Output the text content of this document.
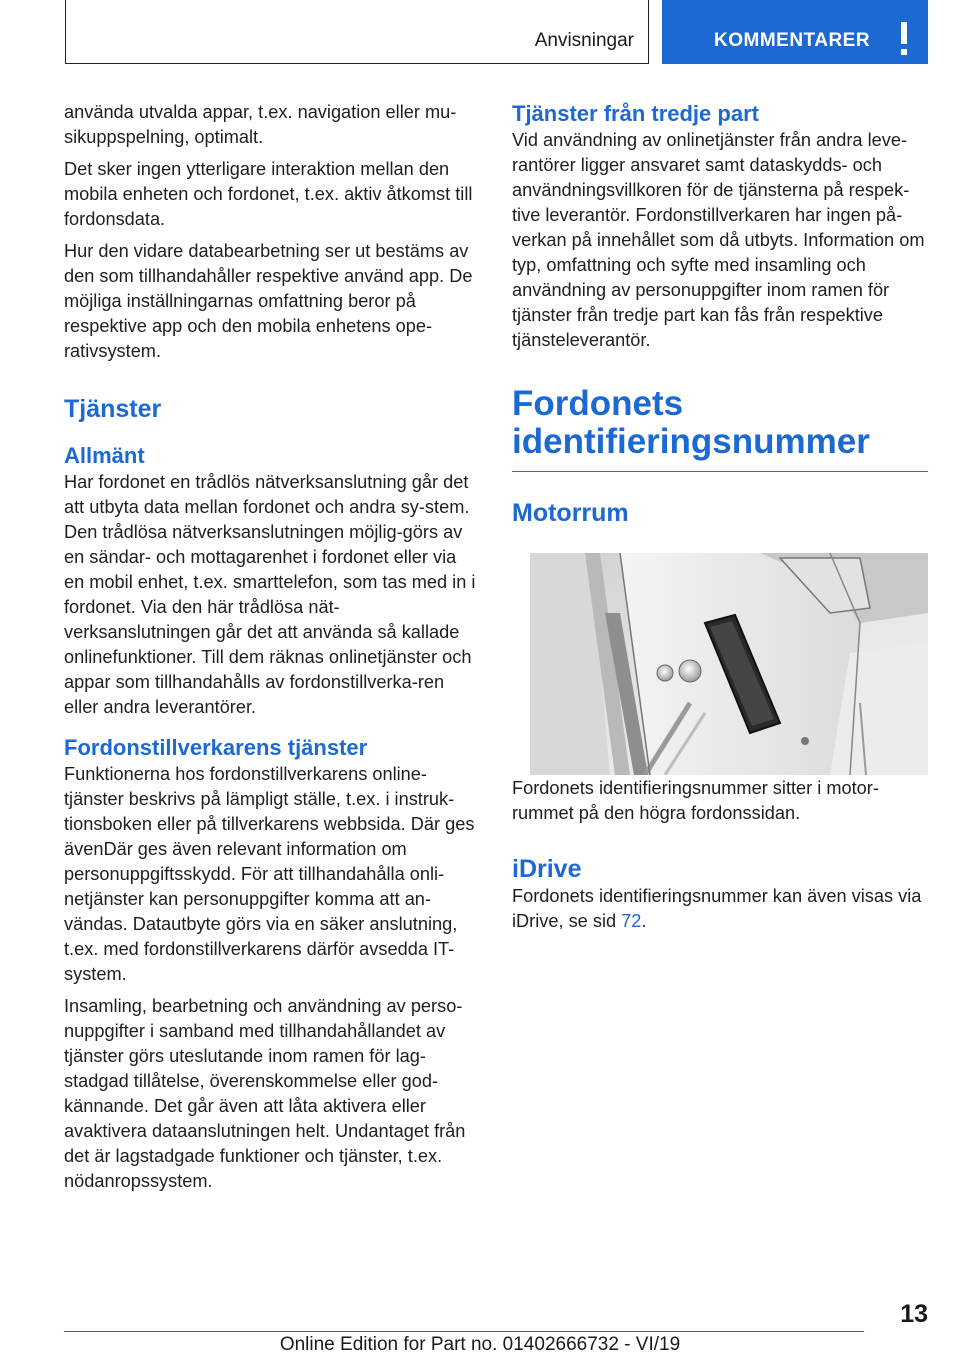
Anvisningar	KOMMENTARER

använda utvalda appar, t.ex. navigation eller mu‐sikuppspelning, optimalt.

Det sker ingen ytterligare interaktion mellan den mobila enheten och fordonet, t.ex. aktiv åtkomst till fordonsdata.

Hur den vidare databearbetning ser ut bestäms av den som tillhandahåller respektive använd app. De möjliga inställningarnas omfattning beror på respektive app och den mobila enhetens ope‐rativsystem.

Tjänster
Allmänt

Har fordonet en trådlös nätverksanslutning går det att utbyta data mellan fordonet och andra sy‐stem. Den trådlösa nätverksanslutningen möjlig‐görs av en sändar- och mottagarenhet i fordonet eller via en mobil enhet, t.ex. smarttelefon, som tas med in i fordonet. Via den här trådlösa nät‐verksanslutningen går det att använda så kallade onlinefunktioner. Till dem räknas onlinetjänster och appar som tillhandahålls av fordonstillverka‐ren eller andra leverantörer.

Fordonstillverkarens tjänster

Funktionerna hos fordonstillverkarens online‐tjänster beskrivs på lämpligt ställe, t.ex. i instruk‐tionsboken eller på tillverkarens webbsida. Där ges ävenDär ges även relevant information om personuppgiftsskydd. För att tillhandahålla onli‐netjänster kan personuppgifter komma att an‐vändas. Datautbyte görs via en säker anslutning, t.ex. med fordonstillverkarens därför avsedda IT-system.

Insamling, bearbetning och användning av perso‐nuppgifter i samband med tillhandahållandet av tjänster görs uteslutande inom ramen för lag‐stadgad tillåtelse, överenskommelse eller god‐kännande. Det går även att låta aktivera eller avaktivera dataanslutningen helt. Undantaget från det är lagstadgade funktioner och tjänster, t.ex. nödanropssystem.

Tjänster från tredje part

Vid användning av onlinetjänster från andra leve‐rantörer ligger ansvaret samt dataskydds- och användningsvillkoren för de tjänsterna på respek‐tive leverantör. Fordonstillverkaren har ingen på‐verkan på innehållet som då utbyts. Information om typ, omfattning och syfte med insamling och användning av personuppgifter inom ramen för tjänster från tredje part kan fås från respektive tjänsteleverantör.

Fordonets identifieringsnummer
Motorrum

Fordonets identifieringsnummer sitter i motor‐rummet på den högra fordonssidan.

iDrive

Fordonets identifieringsnummer kan även visas via iDrive, se sid 72.

13
Online Edition for Part no. 01402666732 - VI/19
